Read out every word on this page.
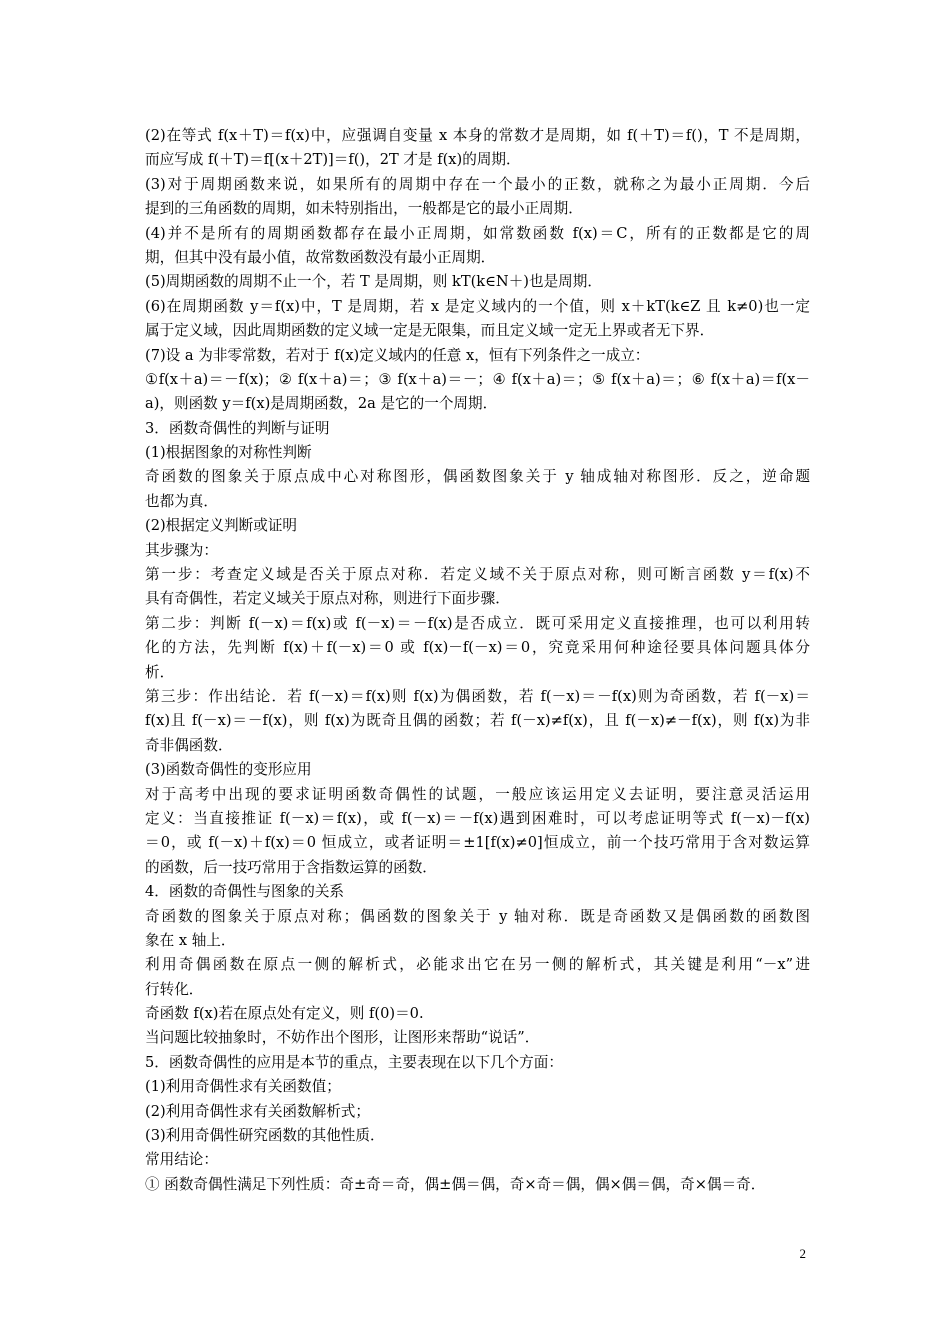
(2)在等式 f(x＋T)＝f(x)中，应强调自变量 x 本身的常数才是周期，如 f(＋T)＝f()，T 不是周期，
而应写成 f(＋T)＝f[(x＋2T)]＝f()，2T 才是 f(x)的周期．
(3)对于周期函数来说，如果所有的周期中存在一个最小的正数，就称之为最小正周期．今后
提到的三角函数的周期，如未特别指出，一般都是它的最小正周期．
(4)并不是所有的周期函数都存在最小正周期，如常数函数 f(x)＝C，所有的正数都是它的周
期，但其中没有最小值，故常数函数没有最小正周期．
(5)周期函数的周期不止一个，若 T 是周期，则 kT(k∈N＋)也是周期．
(6)在周期函数 y＝f(x)中，T 是周期，若 x 是定义域内的一个值，则 x＋kT(k∈Z 且 k≠0)也一定
属于定义域，因此周期函数的定义域一定是无限集，而且定义域一定无上界或者无下界．
(7)设 a 为非零常数，若对于 f(x)定义域内的任意 x，恒有下列条件之一成立：
①f(x＋a)＝－f(x)；② f(x＋a)＝；③ f(x＋a)＝－；④ f(x＋a)＝；⑤ f(x＋a)＝；⑥ f(x＋a)＝f(x－
a)，则函数 y＝f(x)是周期函数，2a 是它的一个周期．
3．函数奇偶性的判断与证明
(1)根据图象的对称性判断
奇函数的图象关于原点成中心对称图形，偶函数图象关于 y 轴成轴对称图形．反之，逆命题
也都为真．
(2)根据定义判断或证明
其步骤为：
第一步：考查定义域是否关于原点对称．若定义域不关于原点对称，则可断言函数 y＝f(x)不
具有奇偶性，若定义域关于原点对称，则进行下面步骤．
第二步：判断 f(－x)＝f(x)或 f(－x)＝－f(x)是否成立．既可采用定义直接推理，也可以利用转
化的方法，先判断 f(x)＋f(－x)＝0 或 f(x)－f(－x)＝0，究竟采用何种途径要具体问题具体分
析．
第三步：作出结论．若 f(－x)＝f(x)则 f(x)为偶函数，若 f(－x)＝－f(x)则为奇函数，若 f(－x)＝
f(x)且 f(－x)＝－f(x)，则 f(x)为既奇且偶的函数；若 f(－x)≠f(x)，且 f(－x)≠－f(x)，则 f(x)为非
奇非偶函数．
(3)函数奇偶性的变形应用
对于高考中出现的要求证明函数奇偶性的试题，一般应该运用定义去证明，要注意灵活运用
定义：当直接推证 f(－x)＝f(x)，或 f(－x)＝－f(x)遇到困难时，可以考虑证明等式 f(－x)－f(x)
＝0，或 f(－x)＋f(x)＝0 恒成立，或者证明＝±1[f(x)≠0]恒成立，前一个技巧常用于含对数运算
的函数，后一技巧常用于含指数运算的函数．
4．函数的奇偶性与图象的关系
奇函数的图象关于原点对称；偶函数的图象关于 y 轴对称．既是奇函数又是偶函数的函数图
象在 x 轴上．
利用奇偶函数在原点一侧的解析式，必能求出它在另一侧的解析式，其关键是利用“－x”进
行转化．
奇函数 f(x)若在原点处有定义，则 f(0)＝0.
当问题比较抽象时，不妨作出个图形，让图形来帮助“说话”．
5．函数奇偶性的应用是本节的重点，主要表现在以下几个方面：
(1)利用奇偶性求有关函数值；
(2)利用奇偶性求有关函数解析式；
(3)利用奇偶性研究函数的其他性质．
常用结论：
① 函数奇偶性满足下列性质：奇±奇＝奇，偶±偶＝偶，奇×奇＝偶，偶×偶＝偶，奇×偶＝奇．
2
